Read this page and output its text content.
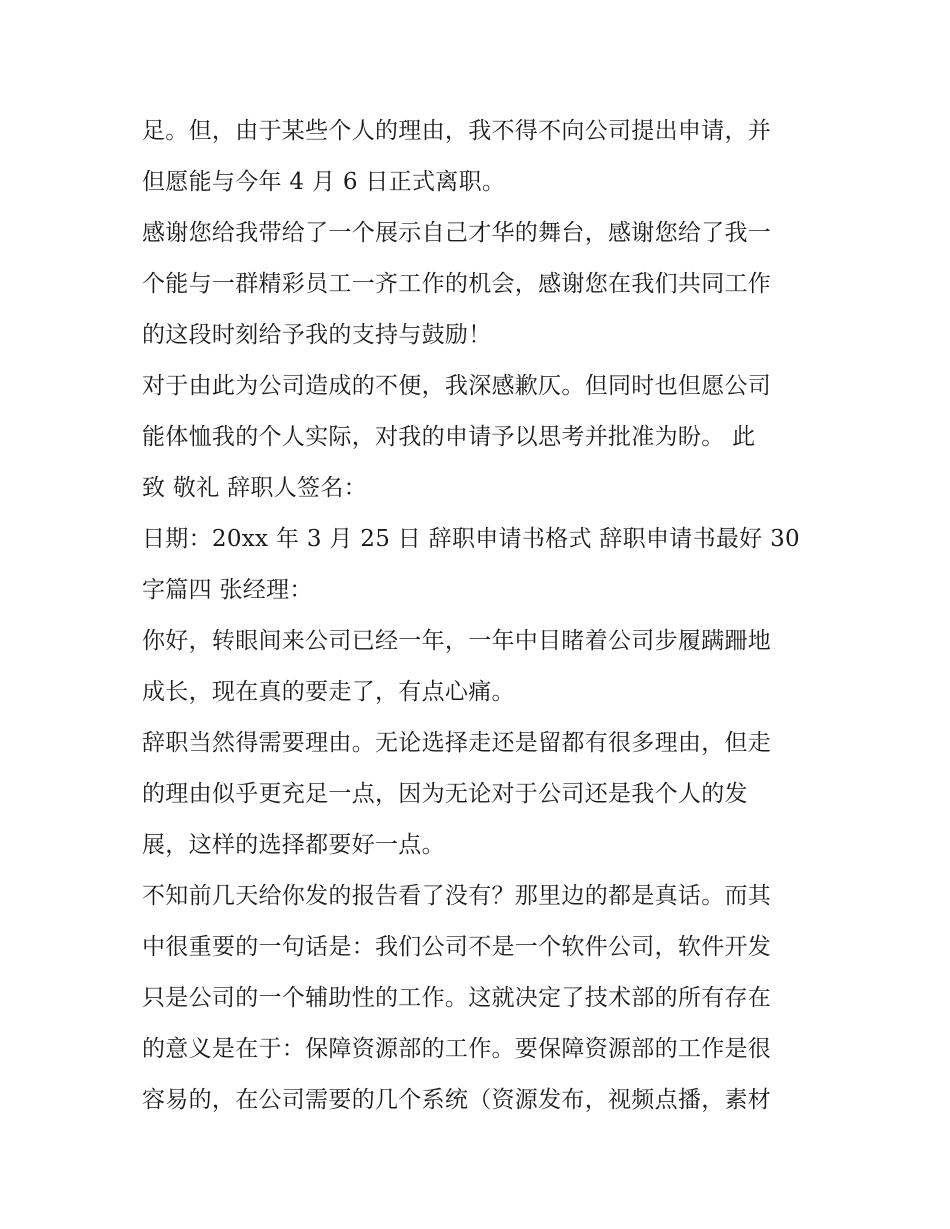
足。但，由于某些个人的理由，我不得不向公司提出申请，并
但愿能与今年 4 月 6 日正式离职。
感谢您给我带给了一个展示自己才华的舞台，感谢您给了我一
个能与一群精彩员工一齐工作的机会，感谢您在我们共同工作
的这段时刻给予我的支持与鼓励！
对于由此为公司造成的不便，我深感歉仄。但同时也但愿公司
能体恤我的个人实际，对我的申请予以思考并批准为盼。 此
致 敬礼 辞职人签名：
日期：20xx 年 3 月 25 日 辞职申请书格式 辞职申请书最好 30
字篇四 张经理：
你好，转眼间来公司已经一年，一年中目睹着公司步履蹒跚地
成长，现在真的要走了，有点心痛。
辞职当然得需要理由。无论选择走还是留都有很多理由，但走
的理由似乎更充足一点，因为无论对于公司还是我个人的发
展，这样的选择都要好一点。
不知前几天给你发的报告看了没有？那里边的都是真话。而其
中很重要的一句话是：我们公司不是一个软件公司，软件开发
只是公司的一个辅助性的工作。这就决定了技术部的所有存在
的意义是在于：保障资源部的工作。要保障资源部的工作是很
容易的，在公司需要的几个系统（资源发布，视频点播，素材
